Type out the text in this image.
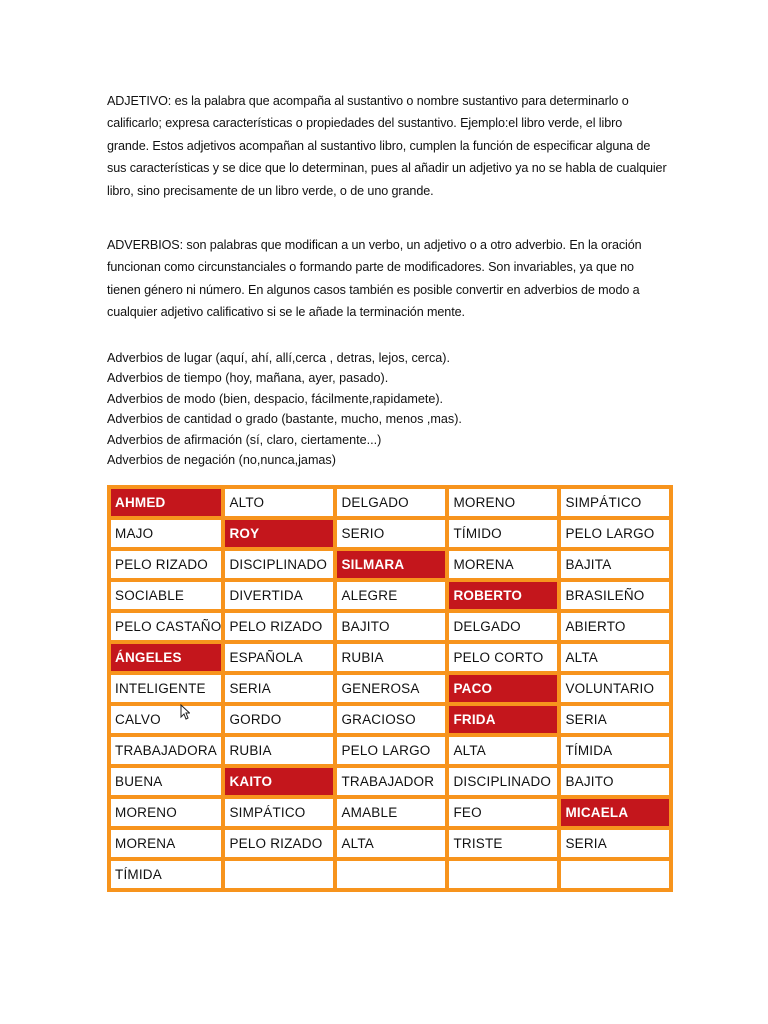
ADJETIVO: es la palabra que acompaña al sustantivo o nombre sustantivo para determinarlo o calificarlo; expresa características o propiedades del sustantivo. Ejemplo:el libro verde, el libro grande. Estos adjetivos acompañan al sustantivo libro, cumplen la función de especificar alguna de sus características y se dice que lo determinan, pues al añadir un adjetivo ya no se habla de cualquier libro, sino precisamente de un libro verde, o de uno grande.

ADVERBIOS: son palabras que modifican a un verbo, un adjetivo o a otro adverbio. En la oración funcionan como circunstanciales o formando parte de modificadores. Son invariables, ya que no tienen género ni número. En algunos casos también es posible convertir en adverbios de modo a cualquier adjetivo calificativo si se le añade la terminación mente.

Adverbios de lugar (aquí, ahí, allí,cerca , detras, lejos, cerca).
Adverbios de tiempo (hoy, mañana, ayer, pasado).
Adverbios de modo (bien, despacio, fácilmente,rapidamete).
Adverbios de cantidad o grado (bastante, mucho, menos ,mas).
Adverbios de afirmación (sí, claro, ciertamente...)
Adverbios de negación (no,nunca,jamas)
AHMED	ALTO	DELGADO	MORENO	SIMPÁTICO
MAJO	ROY	SERIO	TÍMIDO	PELO LARGO
PELO RIZADO	DISCIPLINADO	SILMARA	MORENA	BAJITA
SOCIABLE	DIVERTIDA	ALEGRE	ROBERTO	BRASILEÑO
PELO CASTAÑO	PELO RIZADO	BAJITO	DELGADO	ABIERTO
ÁNGELES	ESPAÑOLA	RUBIA	PELO CORTO	ALTA
INTELIGENTE	SERIA	GENEROSA	PACO	VOLUNTARIO
CALVO	GORDO	GRACIOSO	FRIDA	SERIA
TRABAJADORA	RUBIA	PELO LARGO	ALTA	TÍMIDA
BUENA	KAITO	TRABAJADOR	DISCIPLINADO	BAJITO
MORENO	SIMPÁTICO	AMABLE	FEO	MICAELA
MORENA	PELO RIZADO	ALTA	TRISTE	SERIA
TÍMIDA				
